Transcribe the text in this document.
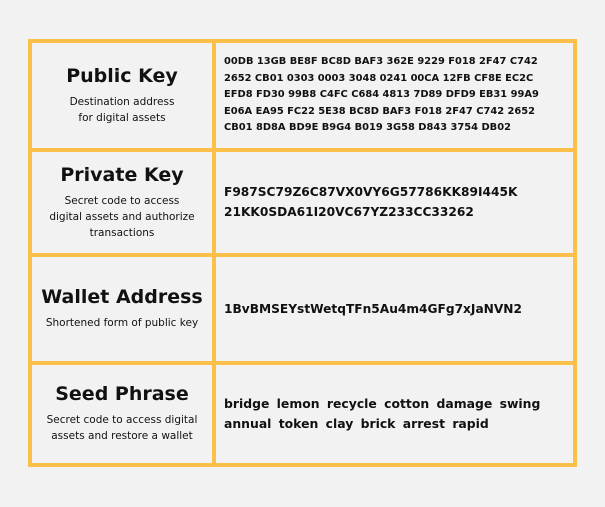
Public Key
Destination address for digital assets
00DB 13GB BE8F BC8D BAF3 362E 9229 F018 2F47 C742 2652 CB01 0303 0003 3048 0241 00CA 12FB CF8E EC2C EFD8 FD30 99B8 C4FC C684 4813 7D89 DFD9 EB31 99A9 E06A EA95 FC22 5E38 BC8D BAF3 F018 2F47 C742 2652 CB01 8D8A BD9E B9G4 B019 3G58 D843 3754 DB02
Private Key
Secret code to access digital assets and authorize transactions
F987SC79Z6C87VX0VY6G57786KK89I445K 21KK0SDA61I20VC67YZ233CC33262
Wallet Address
Shortened form of public key
1BvBMSEYstWetqTFn5Au4m4GFg7xJaNVN2
Seed Phrase
Secret code to access digital assets and restore a wallet
bridge lemon recycle cotton damage swing annual token clay brick arrest rapid
